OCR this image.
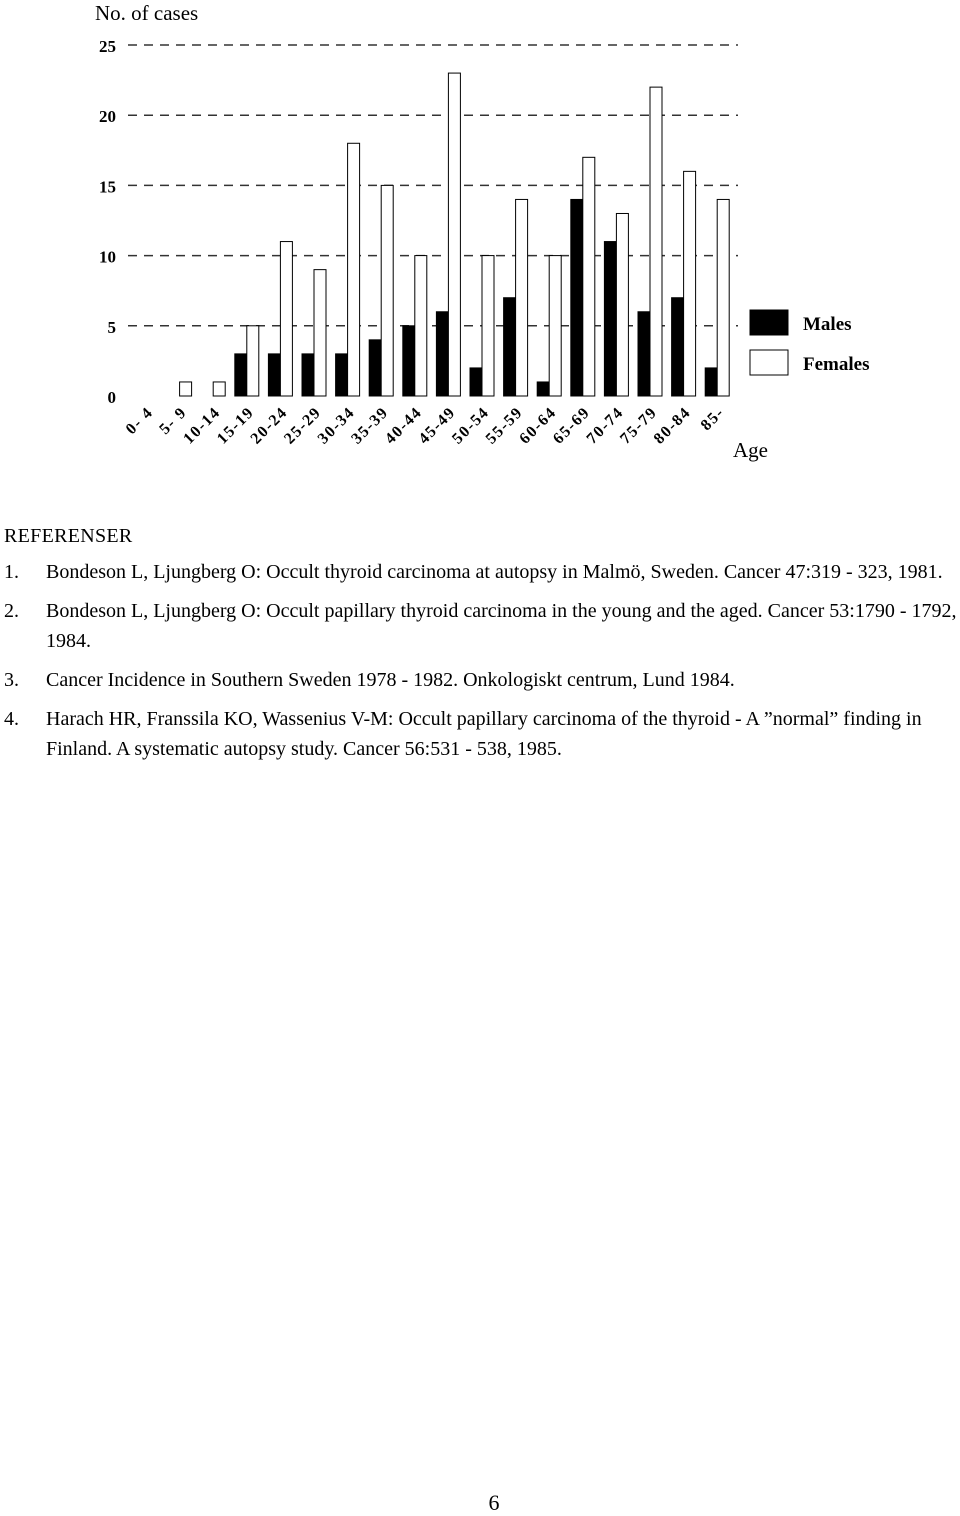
0
5
10
15
20
25
0- 4 5- 9
10-14
15-19
20-24
25-29
30-34
35-39
40-44
45-49
50-54
55-59
60-64
65-69
70-74
75-79
80-84 85-
Males
Females
No. of cases
Age
REFERENSER
1.	Bondeson L, Ljungberg O: Occult thyroid carcinoma at autopsy in Malmö, Sweden. Cancer 47:319 - 323, 1981.
2.	Bondeson L, Ljungberg O: Occult papillary thyroid carcinoma in the young and the aged. Cancer 53:1790 - 1792, 1984.
3.	Cancer Incidence in Southern Sweden 1978 - 1982. Onkologiskt centrum, Lund 1984.
4.	Harach HR, Franssila KO, Wassenius V-M: Occult papillary carcinoma of the thyroid - A ”normal” finding in Finland. A systematic autopsy study. Cancer 56:531 - 538, 1985.
6
